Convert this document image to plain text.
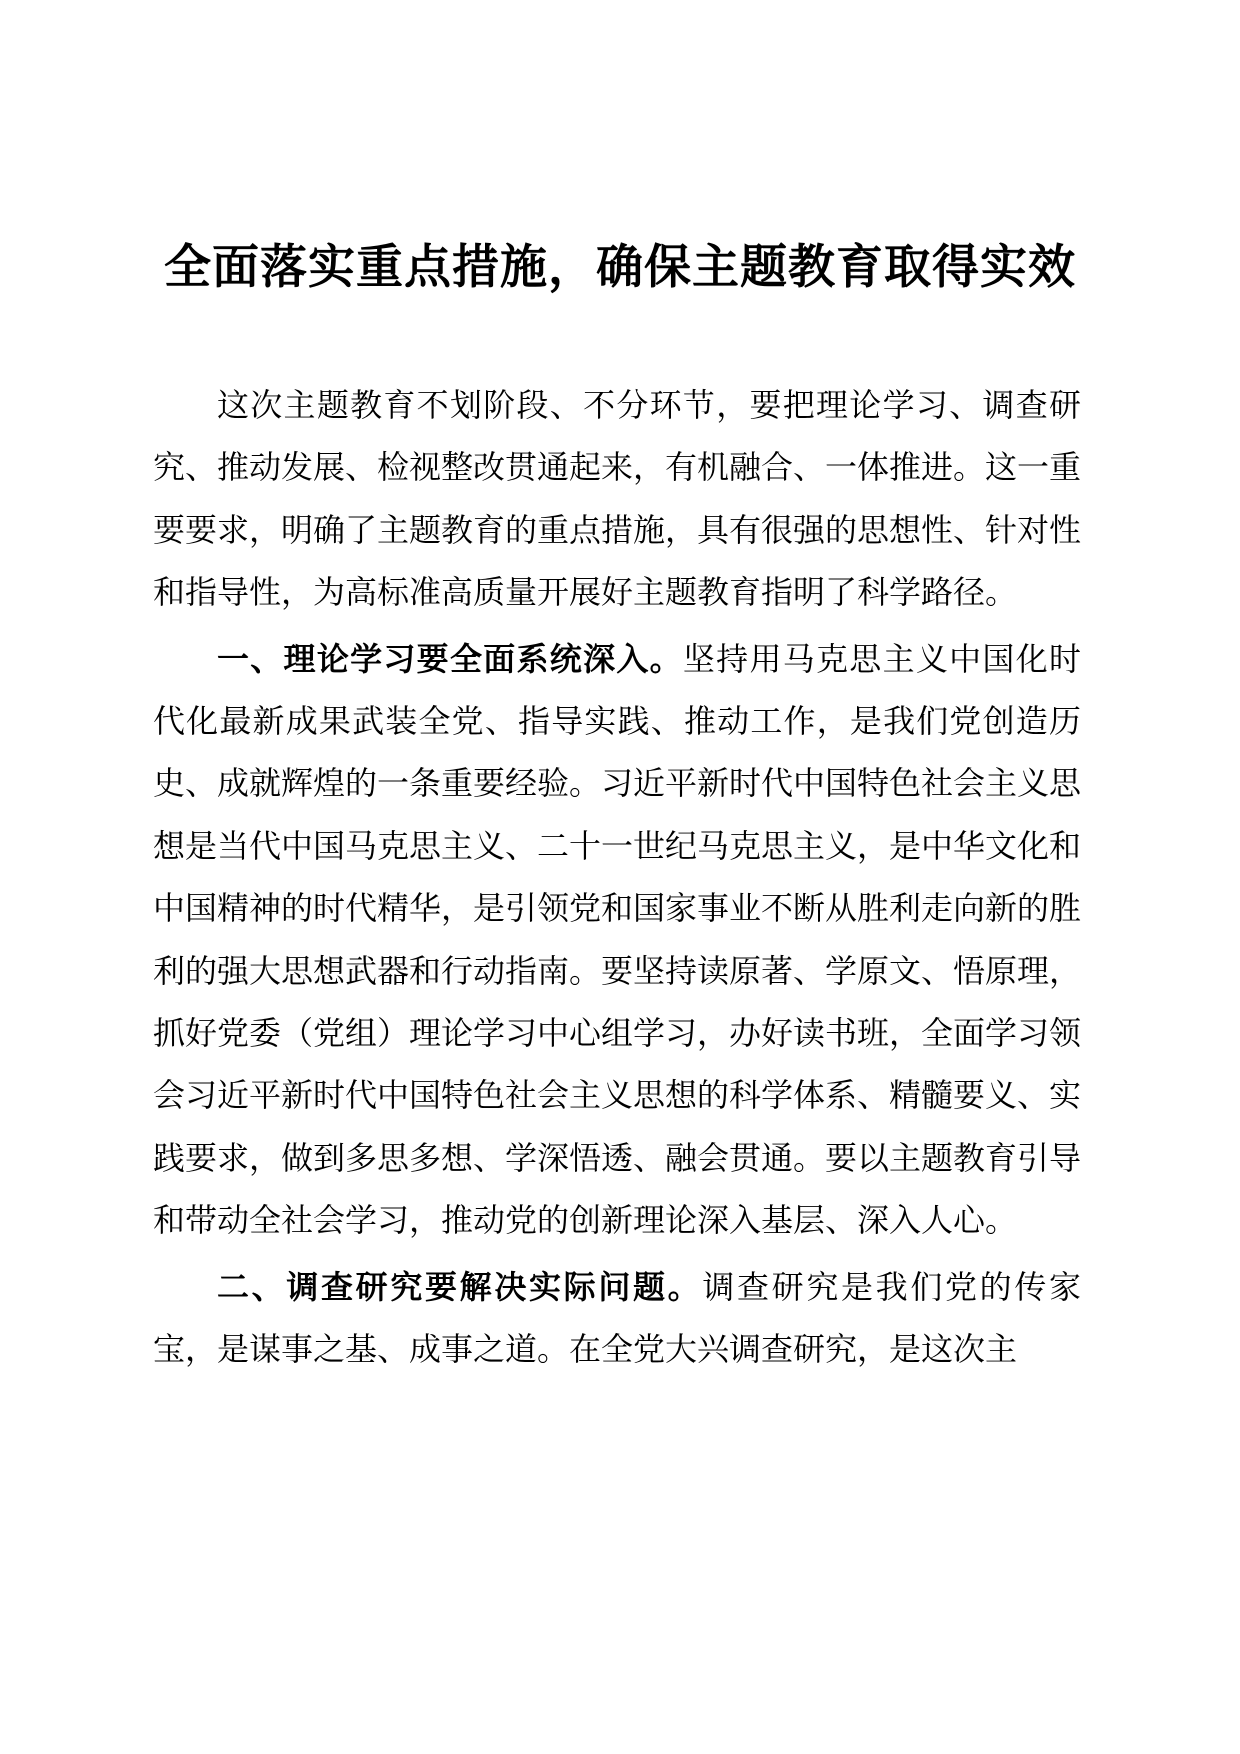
全面落实重点措施，确保主题教育取得实效

这次主题教育不划阶段、不分环节，要把理论学习、调查研究、推动发展、检视整改贯通起来，有机融合、一体推进。这一重要要求，明确了主题教育的重点措施，具有很强的思想性、针对性和指导性，为高标准高质量开展好主题教育指明了科学路径。

一、理论学习要全面系统深入。坚持用马克思主义中国化时代化最新成果武装全党、指导实践、推动工作，是我们党创造历史、成就辉煌的一条重要经验。习近平新时代中国特色社会主义思想是当代中国马克思主义、二十一世纪马克思主义，是中华文化和中国精神的时代精华，是引领党和国家事业不断从胜利走向新的胜利的强大思想武器和行动指南。要坚持读原著、学原文、悟原理， 抓好党委（党组）理论学习中心组学习，办好读书班，全面学习领会习近平新时代中国特色社会主义思想的科学体系、精髓要义、实践要求，做到多思多想、学深悟透、融会贯通。要以主题教育引导和带动全社会学习，推动党的创新理论深入基层、深入人心。

二、调查研究要解决实际问题。调查研究是我们党的传家宝，是谋事之基、成事之道。在全党大兴调查研究，是这次主
